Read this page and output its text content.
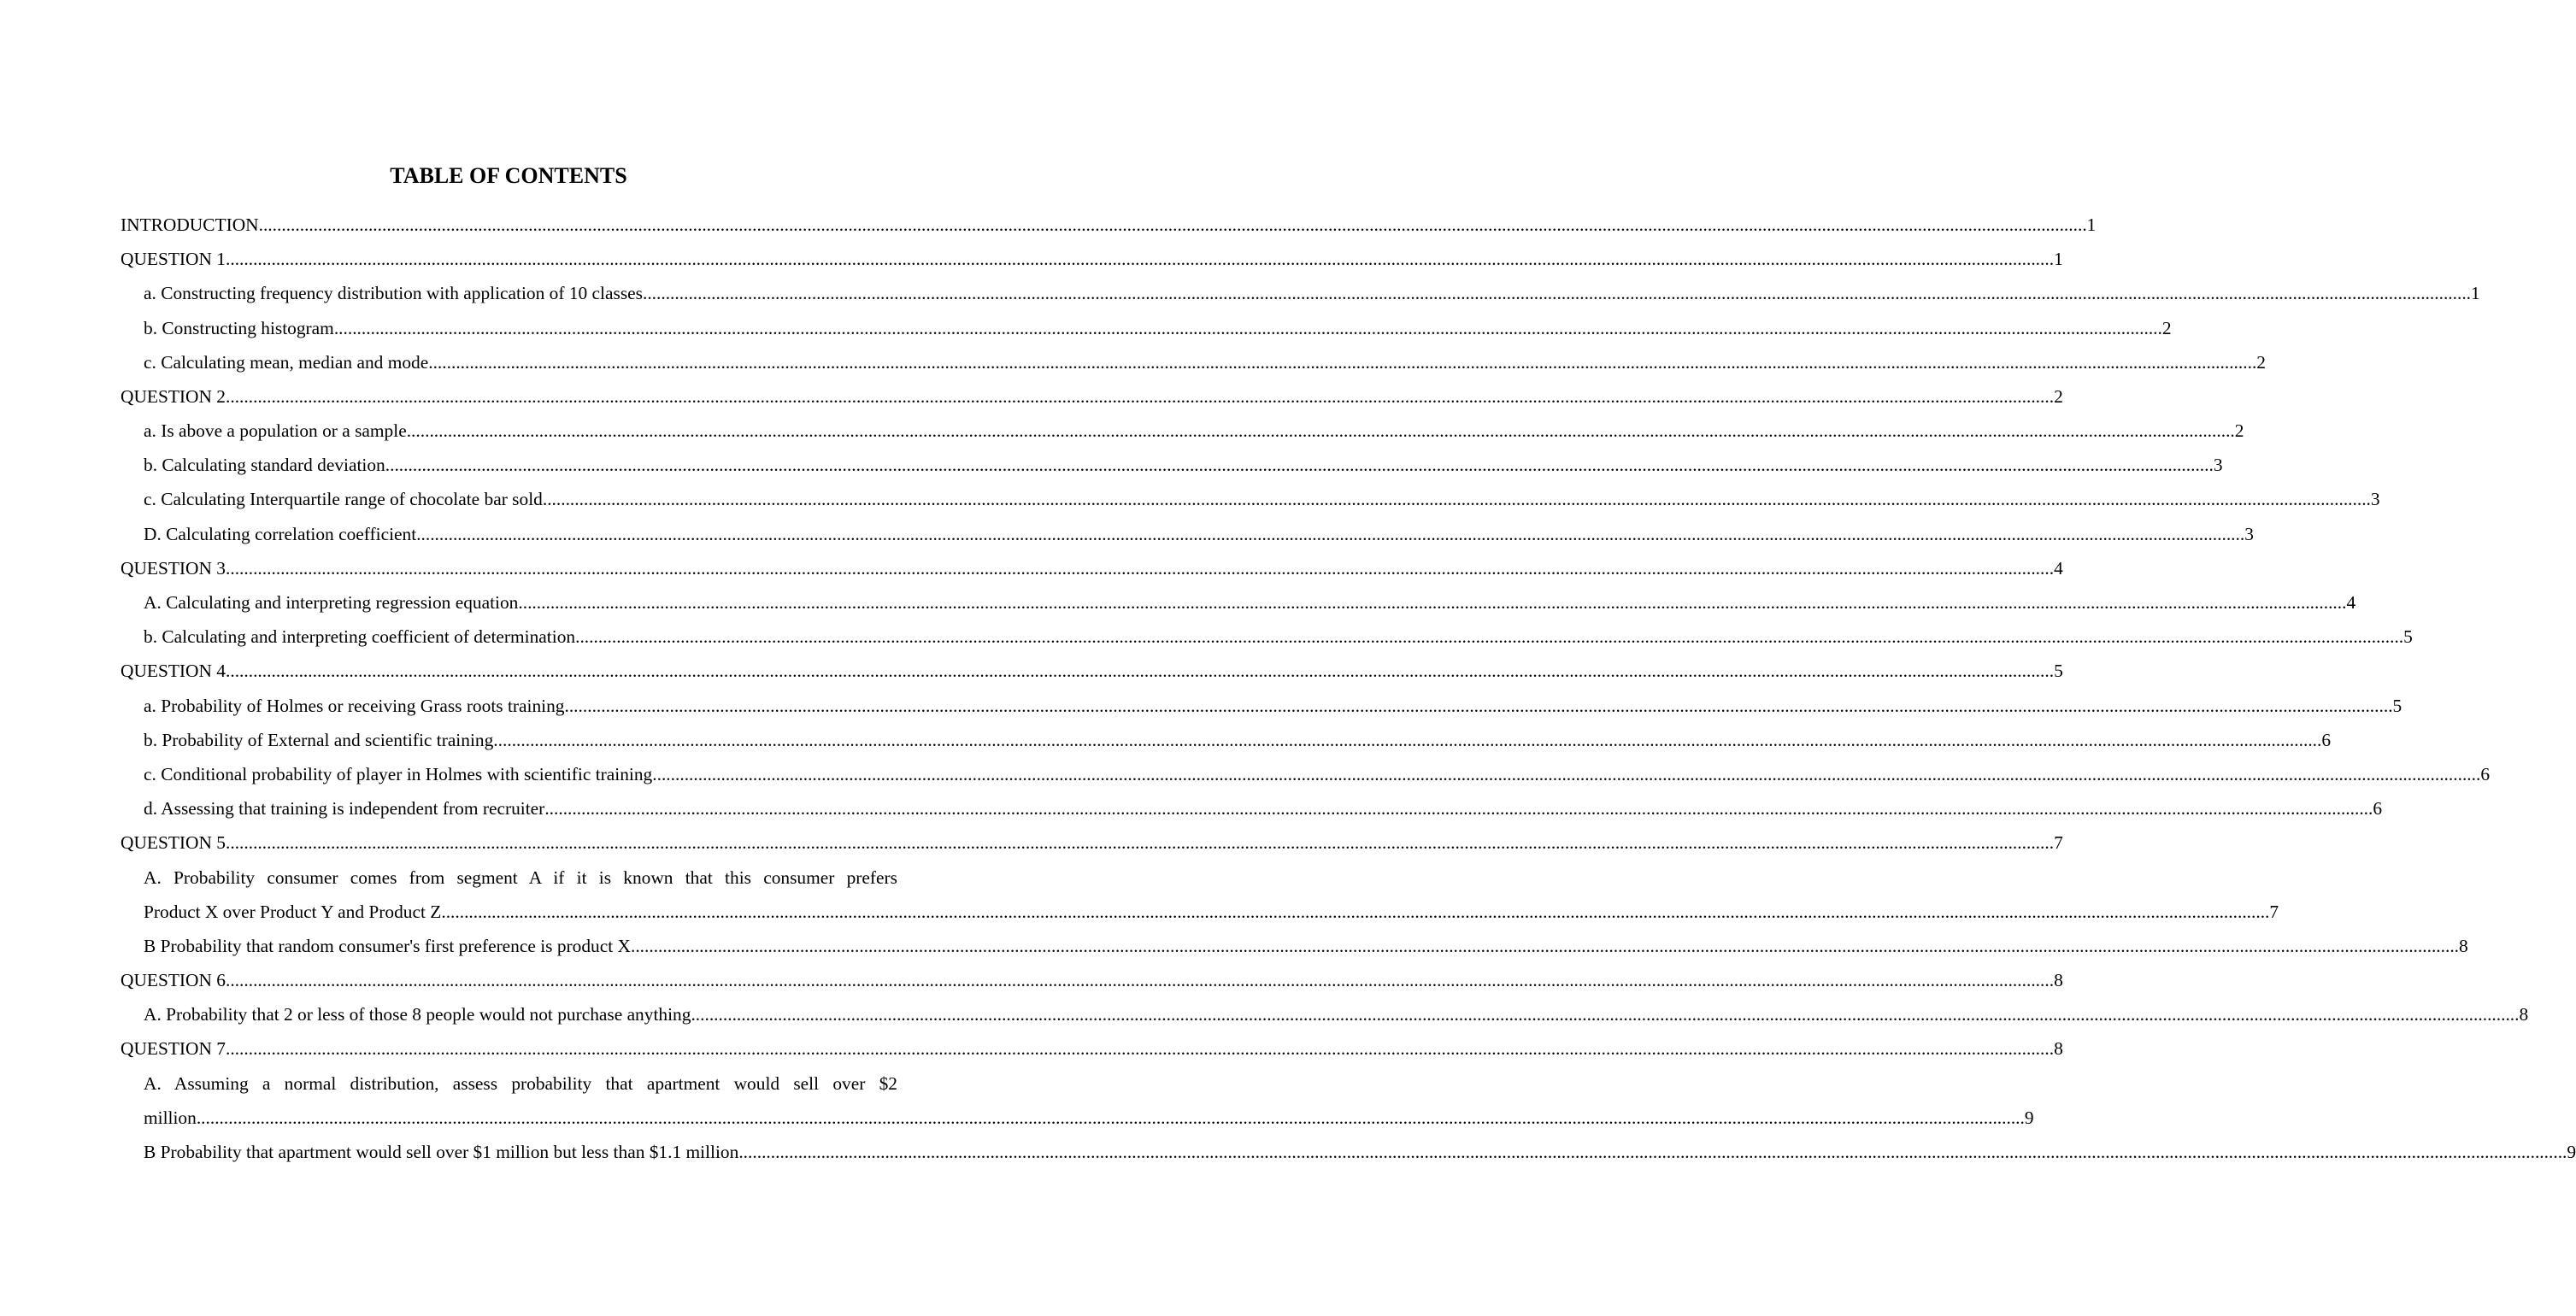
TABLE OF CONTENTS
INTRODUCTION ................................................................................................................................................................................................................................................................................................................................................................................................................ 1
QUESTION 1 ................................................................................................................................................................................................................................................................................................................................................................................................................ 1
a. Constructing frequency distribution with application of 10 classes ................................................................................................................................................................................................................................................................................................................................................................................................................ 1
b. Constructing histogram ................................................................................................................................................................................................................................................................................................................................................................................................................ 2
c. Calculating mean, median and mode ................................................................................................................................................................................................................................................................................................................................................................................................................ 2
QUESTION 2 ................................................................................................................................................................................................................................................................................................................................................................................................................ 2
a. Is above a population or a sample ................................................................................................................................................................................................................................................................................................................................................................................................................ 2
b. Calculating standard deviation ................................................................................................................................................................................................................................................................................................................................................................................................................ 3
c. Calculating Interquartile range of chocolate bar sold ................................................................................................................................................................................................................................................................................................................................................................................................................ 3
D. Calculating correlation coefficient ................................................................................................................................................................................................................................................................................................................................................................................................................ 3
QUESTION 3 ................................................................................................................................................................................................................................................................................................................................................................................................................ 4
A. Calculating and interpreting regression equation ................................................................................................................................................................................................................................................................................................................................................................................................................ 4
b. Calculating and interpreting coefficient of determination ................................................................................................................................................................................................................................................................................................................................................................................................................ 5
QUESTION 4 ................................................................................................................................................................................................................................................................................................................................................................................................................ 5
a. Probability of Holmes or receiving Grass roots training ................................................................................................................................................................................................................................................................................................................................................................................................................ 5
b. Probability of External and scientific training ................................................................................................................................................................................................................................................................................................................................................................................................................ 6
c. Conditional probability of player in Holmes with scientific training ................................................................................................................................................................................................................................................................................................................................................................................................................ 6
d. Assessing that training is independent from recruiter ................................................................................................................................................................................................................................................................................................................................................................................................................ 6
QUESTION 5 ................................................................................................................................................................................................................................................................................................................................................................................................................ 7
A. Probability consumer comes from segment A if it is known that this consumer prefers
Product X over Product Y and Product Z ................................................................................................................................................................................................................................................................................................................................................................................................................ 7
B Probability that random consumer's first preference is product X ................................................................................................................................................................................................................................................................................................................................................................................................................ 8
QUESTION 6 ................................................................................................................................................................................................................................................................................................................................................................................................................ 8
A. Probability that 2 or less of those 8 people would not purchase anything ................................................................................................................................................................................................................................................................................................................................................................................................................ 8
QUESTION 7 ................................................................................................................................................................................................................................................................................................................................................................................................................ 8
A. Assuming a normal distribution, assess probability that apartment would sell over $2
million ................................................................................................................................................................................................................................................................................................................................................................................................................ 9
B Probability that apartment would sell over $1 million but less than $1.1 million ................................................................................................................................................................................................................................................................................................................................................................................................................ 9
